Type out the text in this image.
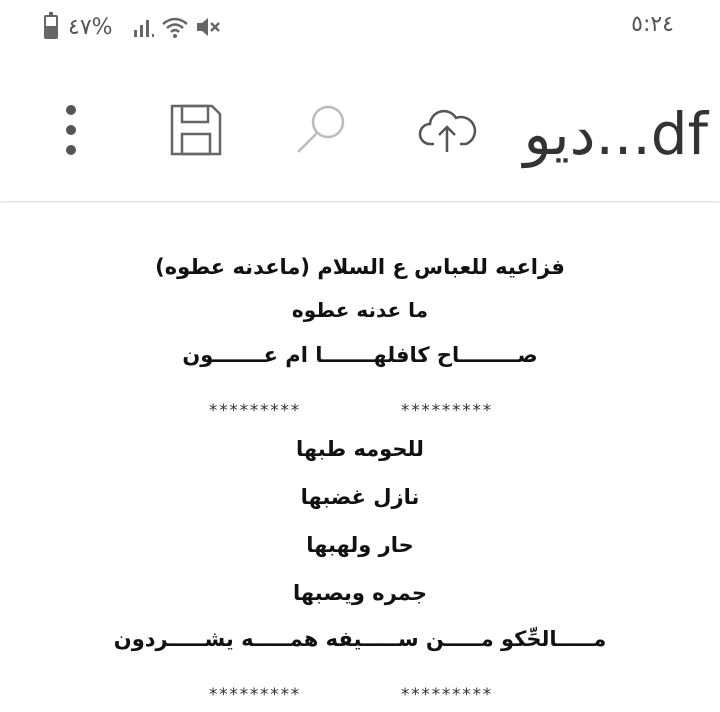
%٤٧	٥:٢٤
ديو...df
فزاعيه للعباس ع السلام (ماعدنه عطوه)
ما عدنه عطوه
صــــــــاح كافلهـــــــا ام عـــــــون
*********	*********
للحومه طبها
نازل غضبها
حار ولهبها
جمره ويصبها
مـــــالحِّكو مـــــن ســـــيفه همـــــه يشـــــردون
*********	*********
